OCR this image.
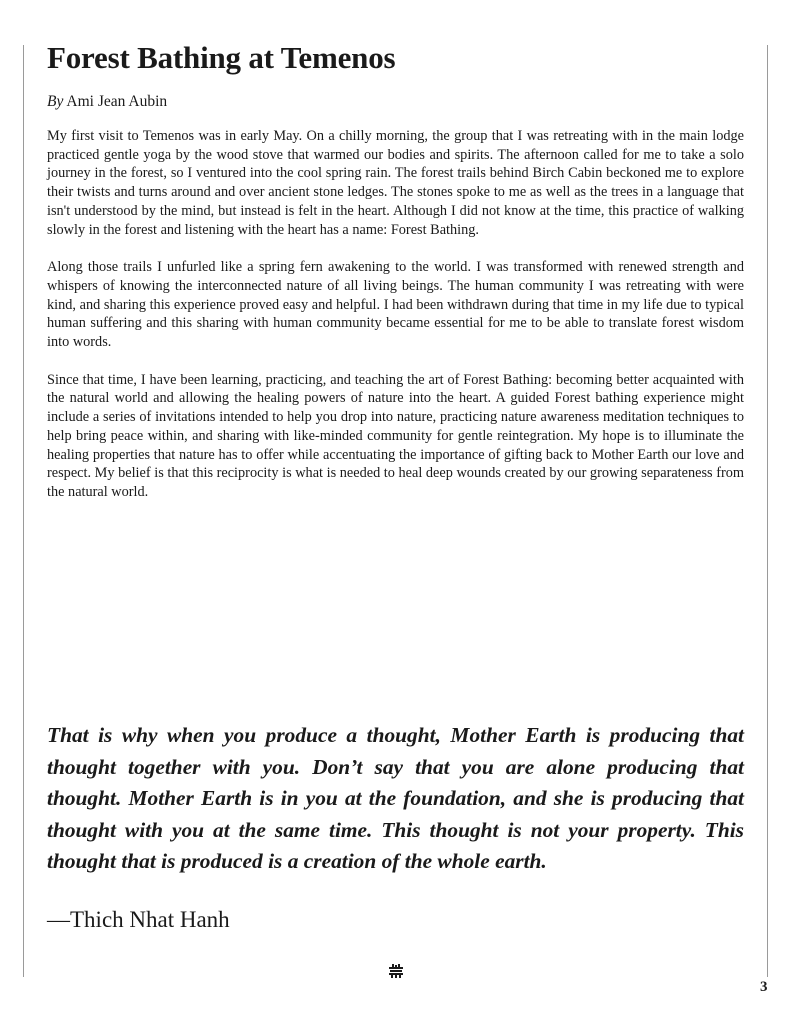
Forest Bathing at Temenos
By Ami Jean Aubin

My first visit to Temenos was in early May. On a chilly morning, the group that I was retreating with in the main lodge practiced gentle yoga by the wood stove that warmed our bodies and spirits. The afternoon called for me to take a solo journey in the forest, so I ventured into the cool spring rain. The forest trails behind Birch Cabin beckoned me to explore their twists and turns around and over ancient stone ledges. The stones spoke to me as well as the trees in a language that isn't understood by the mind, but instead is felt in the heart. Although I did not know at the time, this practice of walking slowly in the forest and listening with the heart has a name: Forest Bathing.

Along those trails I unfurled like a spring fern awakening to the world. I was transformed with renewed strength and whispers of knowing the interconnected nature of all living beings. The human community I was retreating with were kind, and sharing this experience proved easy and helpful. I had been withdrawn during that time in my life due to typical human suffering and this sharing with human community became essential for me to be able to translate forest wisdom into words.

Since that time, I have been learning, practicing, and teaching the art of Forest Bathing: becoming better acquainted with the natural world and allowing the healing powers of nature into the heart. A guided Forest bathing experience might include a series of invitations intended to help you drop into nature, practicing nature awareness meditation techniques to help bring peace within, and sharing with like-minded community for gentle reintegration. My hope is to illuminate the healing properties that nature has to offer while accentuating the importance of gifting back to Mother Earth our love and respect. My belief is that this reciprocity is what is needed to heal deep wounds created by our growing separateness from the natural world.

That is why when you produce a thought, Mother Earth is producing that thought together with you. Don’t say that you are alone producing that thought. Mother Earth is in you at the foundation, and she is producing that thought with you at the same time. This thought is not your property. This thought that is produced is a creation of the whole earth.

—Thich Nhat Hanh
3
